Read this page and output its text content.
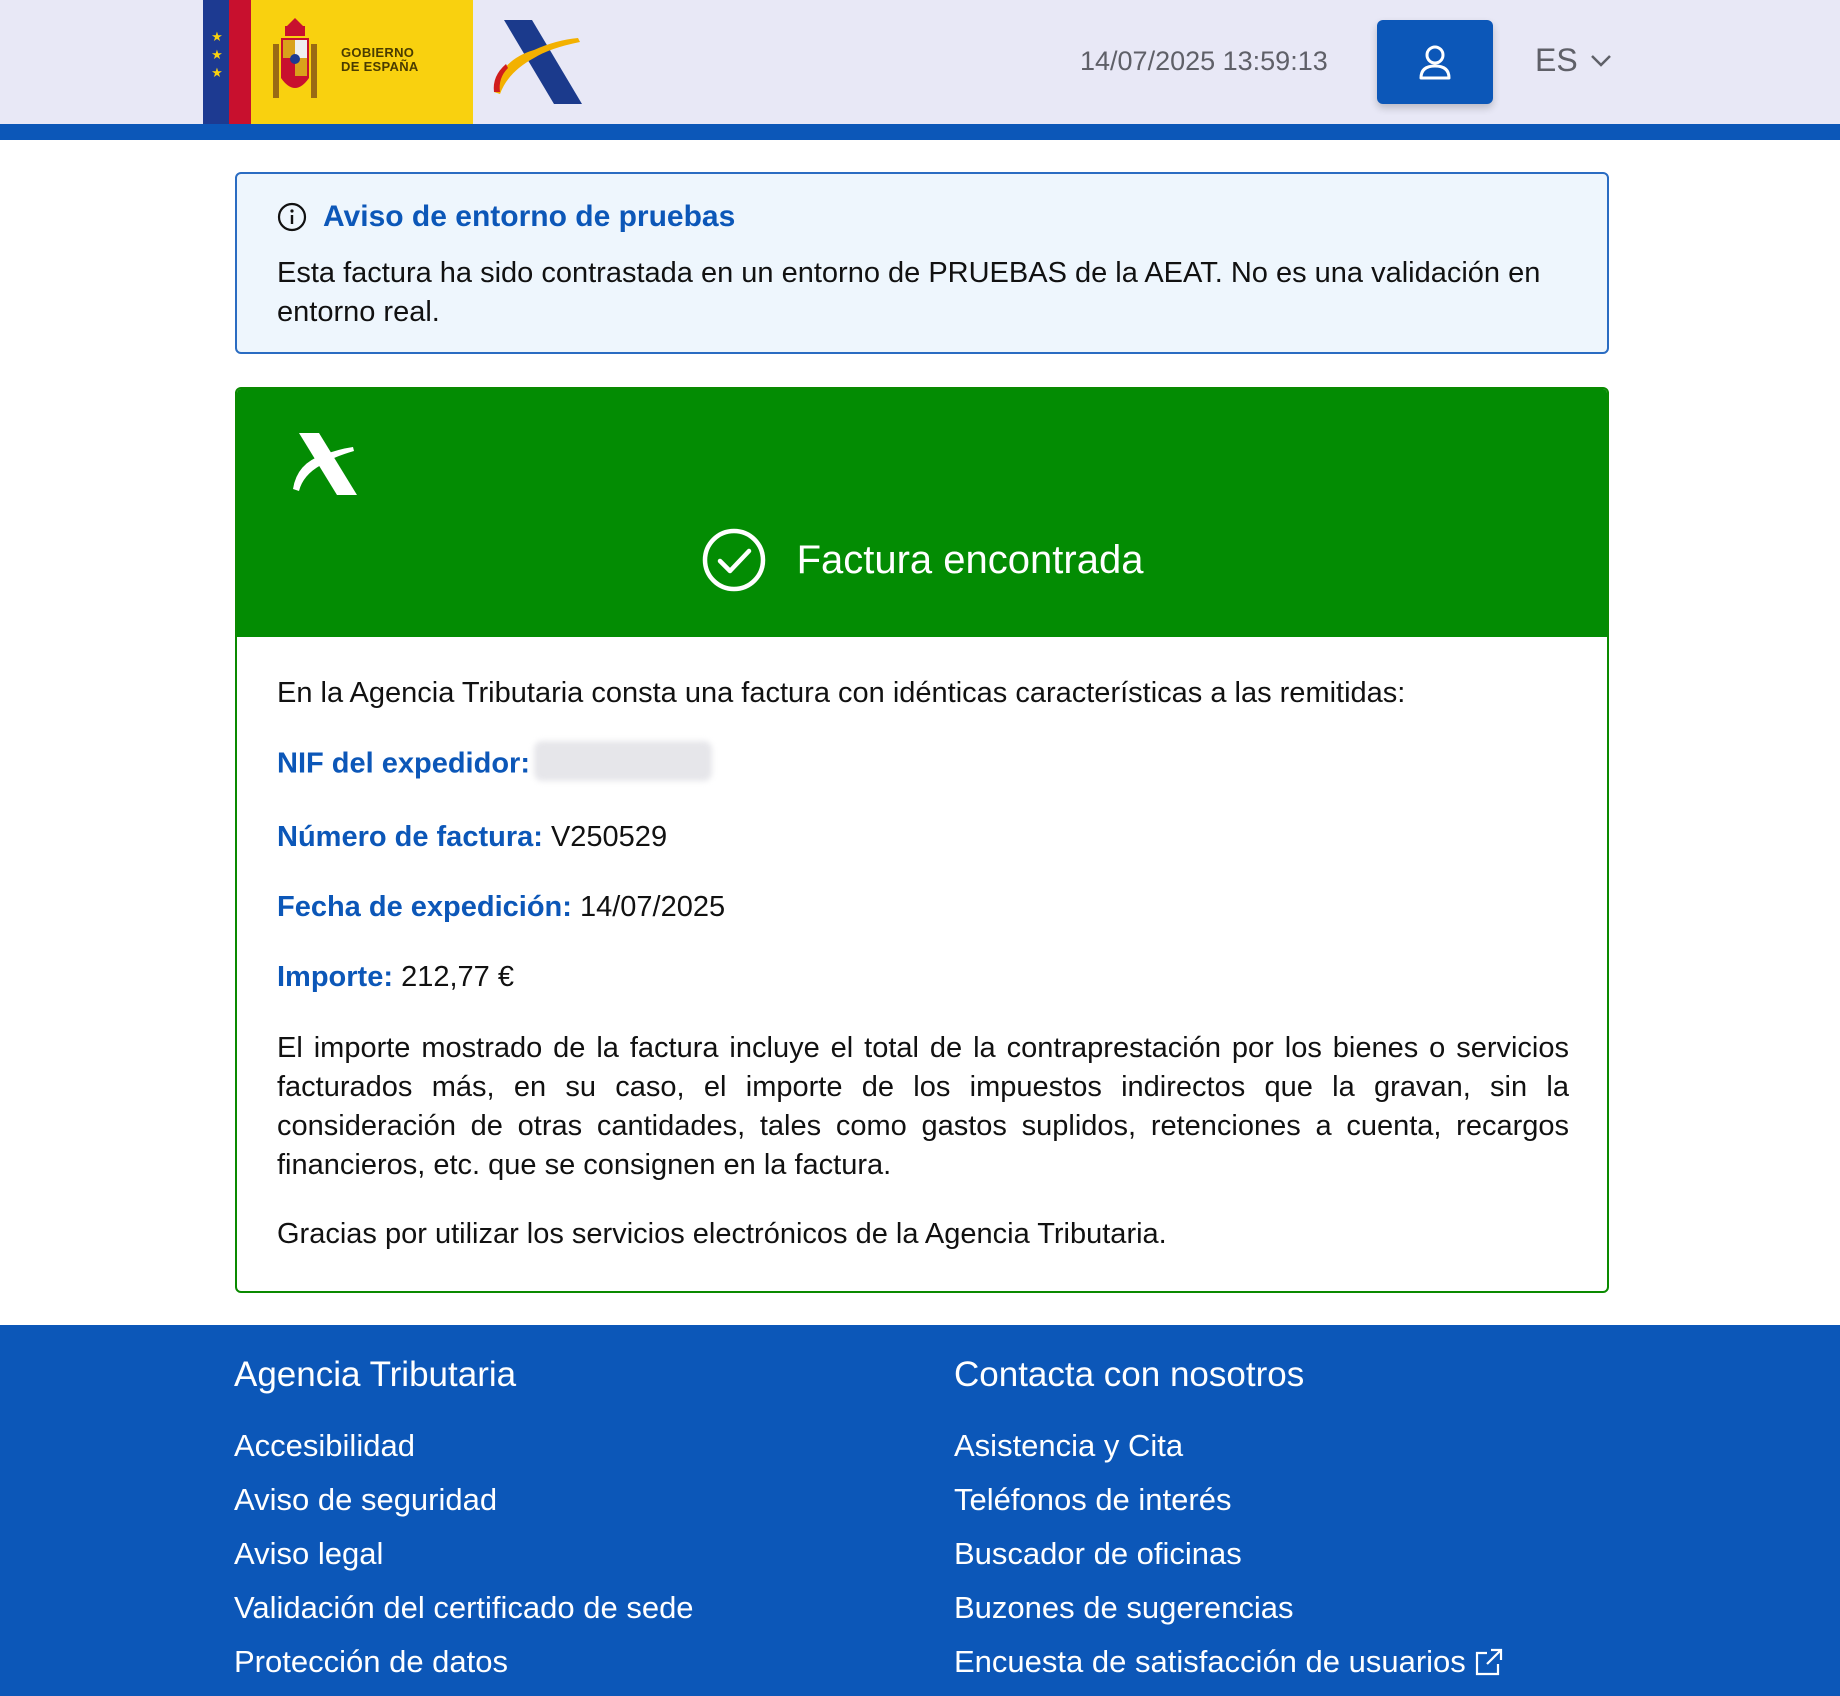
★
★
★
GOBIERNO DE ESPAÑA	14/07/2025 13:59:13	ES
Aviso de entorno de pruebas
Esta factura ha sido contrastada en un entorno de PRUEBAS de la AEAT. No es una validación en entorno real.
Factura encontrada
En la Agencia Tributaria consta una factura con idénticas características a las remitidas:
NIF del expedidor:
Número de factura: V250529
Fecha de expedición: 14/07/2025
Importe: 212,77 €
El importe mostrado de la factura incluye el total de la contraprestación por los bienes o servicios facturados más, en su caso, el importe de los impuestos indirectos que la gravan, sin la consideración de otras cantidades, tales como gastos suplidos, retenciones a cuenta, recargos financieros, etc. que se consignen en la factura.
Gracias por utilizar los servicios electrónicos de la Agencia Tributaria.
Agencia Tributaria
Accesibilidad
Aviso de seguridad
Aviso legal
Validación del certificado de sede
Protección de datos
Contacta con nosotros
Asistencia y Cita
Teléfonos de interés
Buscador de oficinas
Buzones de sugerencias
Encuesta de satisfacción de usuarios
